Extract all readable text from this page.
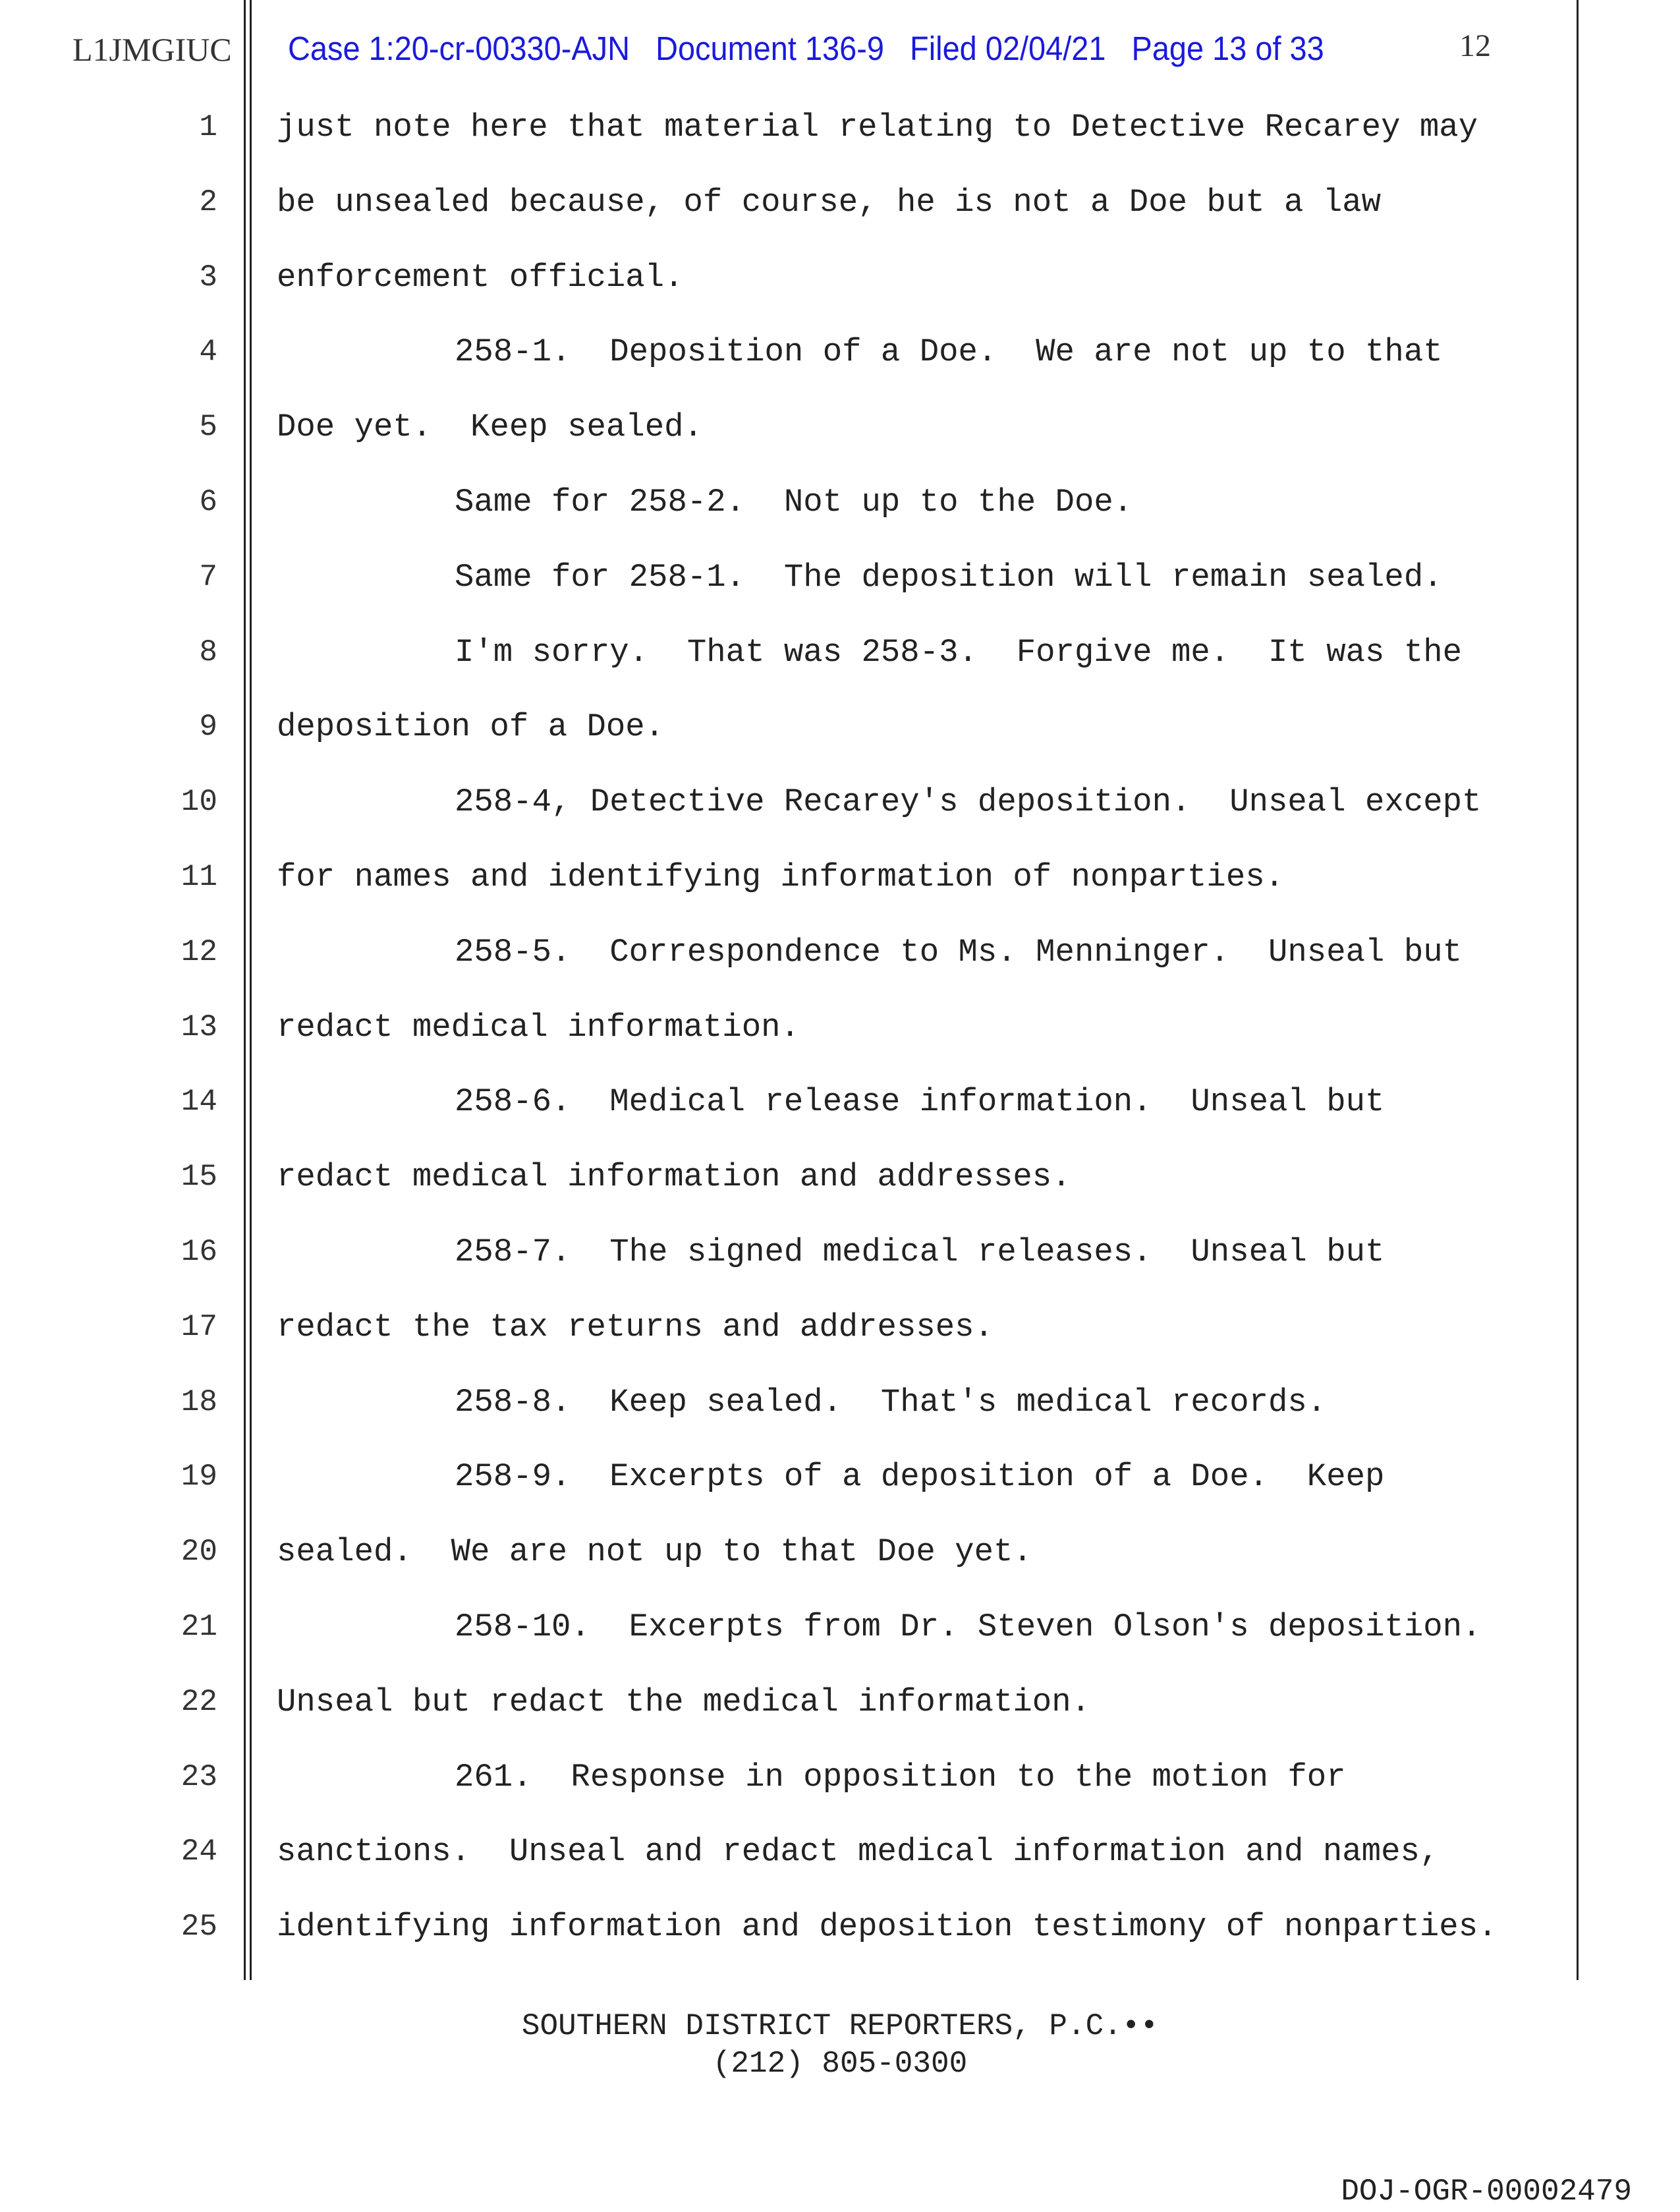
L1JMGIUC Case 1:20-cr-00330-AJN   Document 136-9   Filed 02/04/21   Page 13 of 33	12
1 just note here that material relating to Detective Recarey may
2 be unsealed because, of course, he is not a Doe but a law
3 enforcement official.
4	258-1.  Deposition of a Doe.  We are not up to that
5 Doe yet.  Keep sealed.
6	Same for 258-2.  Not up to the Doe.
7	Same for 258-1.  The deposition will remain sealed.
8	I'm sorry.  That was 258-3.  Forgive me.  It was the
9 deposition of a Doe.
10	258-4, Detective Recarey's deposition.  Unseal except
11 for names and identifying information of nonparties.
12	258-5.  Correspondence to Ms. Menninger.  Unseal but
13 redact medical information.
14	258-6.  Medical release information.  Unseal but
15 redact medical information and addresses.
16	258-7.  The signed medical releases.  Unseal but
17 redact the tax returns and addresses.
18	258-8.  Keep sealed.  That's medical records.
19	258-9.  Excerpts of a deposition of a Doe.  Keep
20 sealed.  We are not up to that Doe yet.
21	258-10.  Excerpts from Dr. Steven Olson's deposition.
22 Unseal but redact the medical information.
23	261.  Response in opposition to the motion for
24 sanctions.  Unseal and redact medical information and names,
25 identifying information and deposition testimony of nonparties.
SOUTHERN DISTRICT REPORTERS, P.C.••
(212) 805-0300
DOJ-OGR-00002479
